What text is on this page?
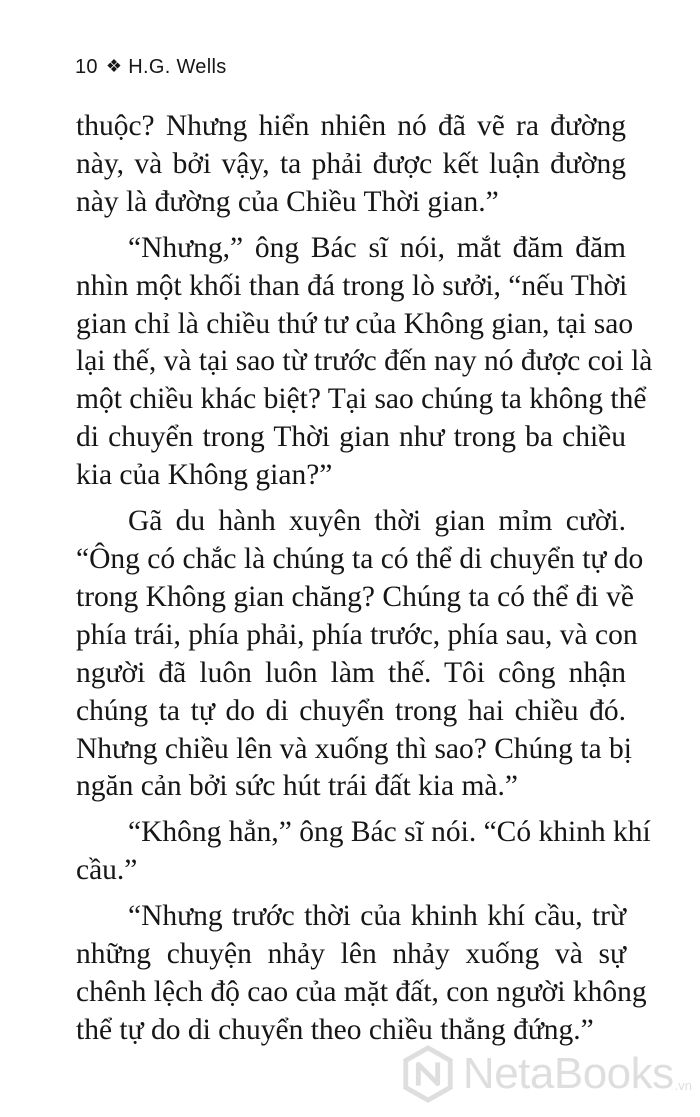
10 ❖ H.G. Wells
thuộc? Nhưng hiển nhiên nó đã vẽ ra đường
này, và bởi vậy, ta phải được kết luận đường
này là đường của Chiều Thời gian.”
“Nhưng,” ông Bác sĩ nói, mắt đăm đăm
nhìn một khối than đá trong lò sưởi, “nếu Thời
gian chỉ là chiều thứ tư của Không gian, tại sao
lại thế, và tại sao từ trước đến nay nó được coi là
một chiều khác biệt? Tại sao chúng ta không thể
di chuyển trong Thời gian như trong ba chiều
kia của Không gian?”
Gã du hành xuyên thời gian mỉm cười.
“Ông có chắc là chúng ta có thể di chuyển tự do
trong Không gian chăng? Chúng ta có thể đi về
phía trái, phía phải, phía trước, phía sau, và con
người đã luôn luôn làm thế. Tôi công nhận
chúng ta tự do di chuyển trong hai chiều đó.
Nhưng chiều lên và xuống thì sao? Chúng ta bị
ngăn cản bởi sức hút trái đất kia mà.”
“Không hẳn,” ông Bác sĩ nói. “Có khinh khí
cầu.”
“Nhưng trước thời của khinh khí cầu, trừ
những chuyện nhảy lên nhảy xuống và sự
chênh lệch độ cao của mặt đất, con người không
thể tự do di chuyển theo chiều thẳng đứng.”
NetaBooks .vn
